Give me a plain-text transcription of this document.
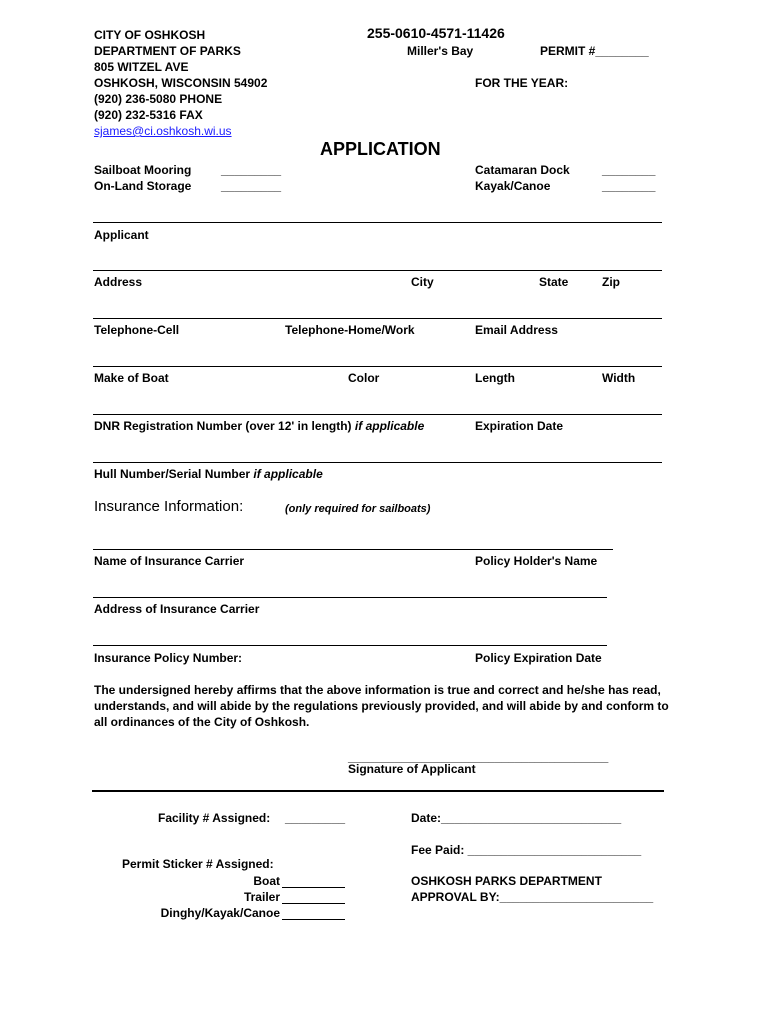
CITY OF OSHKOSH
DEPARTMENT OF PARKS
805 WITZEL AVE
OSHKOSH, WISCONSIN 54902
(920) 236-5080 PHONE
(920) 232-5316 FAX
sjames@ci.oshkosh.wi.us
255-0610-4571-11426
Miller's Bay	PERMIT #________
FOR THE YEAR:
APPLICATION
Sailboat Mooring _________
On-Land Storage _________
Catamaran Dock	________
Kayak/Canoe	________
Applicant
Address	City	State	Zip
Telephone-Cell	Telephone-Home/Work	Email Address
Make of Boat	Color	Length	Width
DNR Registration Number (over 12' in length) if applicable	Expiration Date
Hull Number/Serial Number if applicable
Insurance Information:	(only required for sailboats)
Name of Insurance Carrier	Policy Holder's Name
Address of Insurance Carrier
Insurance Policy Number:	Policy Expiration Date
The undersigned hereby affirms that the above information is true and correct and he/she has read,
understands, and will abide by the regulations previously provided, and will abide by and conform to
all ordinances of the City of Oshkosh.
_______________________________________
Signature of Applicant
Facility # Assigned: _________	Date:___________________________
Fee Paid: __________________________
Permit Sticker # Assigned:
Boat
Trailer
Dinghy/Kayak/Canoe
OSHKOSH PARKS DEPARTMENT
APPROVAL BY:_______________________
